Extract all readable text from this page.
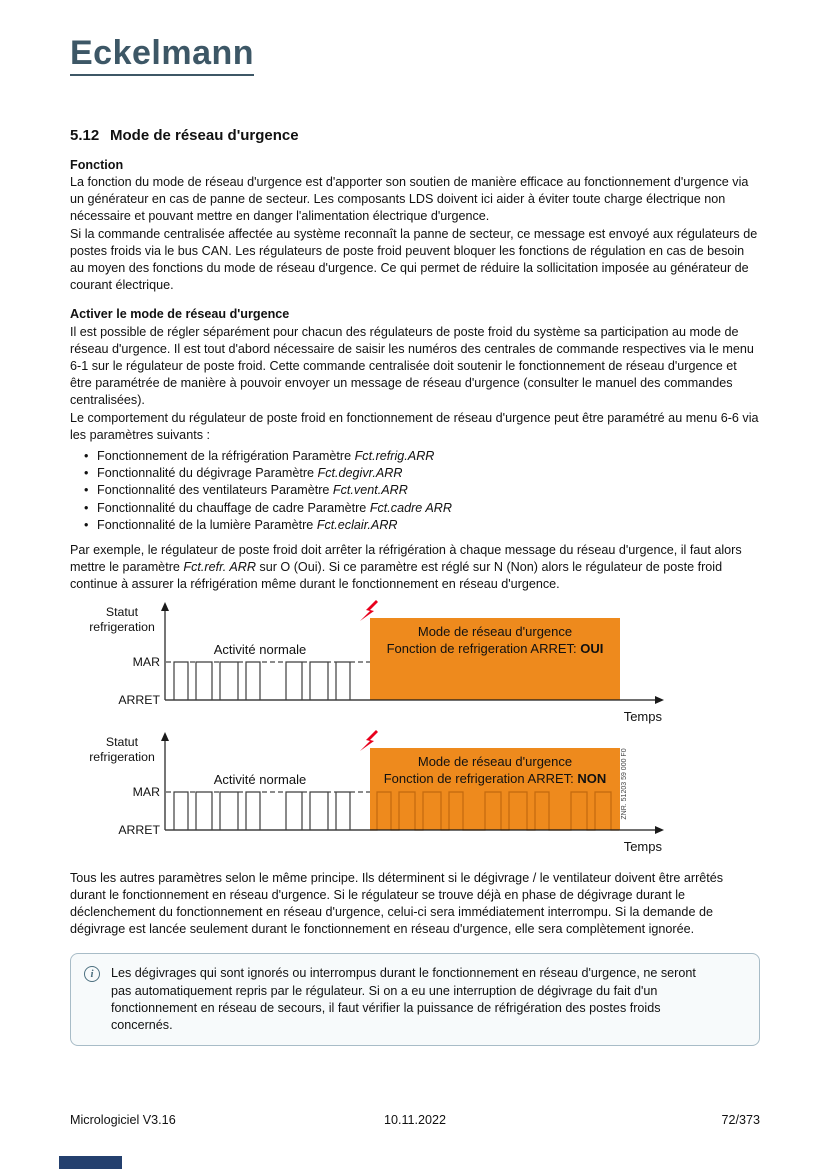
Eckelmann
5.12 Mode de réseau d'urgence
Fonction

La fonction du mode de réseau d'urgence est d'apporter son soutien de manière efficace au fonctionnement d'urgence via un générateur en cas de panne de secteur. Les composants LDS doivent ici aider à éviter toute charge électrique non nécessaire et pouvant mettre en danger l'alimentation électrique d'urgence.

Si la commande centralisée affectée au système reconnaît la panne de secteur, ce message est envoyé aux régulateurs de postes froids via le bus CAN. Les régulateurs de poste froid peuvent bloquer les fonctions de régulation en cas de besoin au moyen des fonctions du mode de réseau d'urgence. Ce qui permet de réduire la sollicitation imposée au générateur de courant électrique.

Activer le mode de réseau d'urgence

Il est possible de régler séparément pour chacun des régulateurs de poste froid du système sa participation au mode de réseau d'urgence. Il est tout d'abord nécessaire de saisir les numéros des centrales de commande respectives via le menu 6-1 sur le régulateur de poste froid. Cette commande centralisée doit soutenir le fonctionnement de réseau d'urgence et être paramétrée de manière à pouvoir envoyer un message de réseau d'urgence (consulter le manuel des commandes centralisées).

Le comportement du régulateur de poste froid en fonctionnement de réseau d'urgence peut être paramétré au menu 6-6 via les paramètres suivants :

• Fonctionnement de la réfrigération Paramètre Fct.refrig.ARR
• Fonctionnalité du dégivrage Paramètre Fct.degivr.ARR
• Fonctionnalité des ventilateurs Paramètre Fct.vent.ARR
• Fonctionnalité du chauffage de cadre Paramètre Fct.cadre ARR
• Fonctionnalité de la lumière Paramètre Fct.eclair.ARR

Par exemple, le régulateur de poste froid doit arrêter la réfrigération à chaque message du réseau d'urgence, il faut alors mettre le paramètre Fct.refr. ARR sur O (Oui). Si ce paramètre est réglé sur N (Non) alors le régulateur de poste froid continue à assurer la réfrigération même durant le fonctionnement en réseau d'urgence.

Statut
refrigeration
MAR
ARRET
Activité normale
Mode de réseau d'urgence
Fonction de refrigeration ARRET: OUI
Temps
Statut
refrigeration
MAR
ARRET
Activité normale
Mode de réseau d'urgence
Fonction de refrigeration ARRET: NON ZNR. 51203 59 000 F0
Temps

Tous les autres paramètres selon le même principe. Ils déterminent si le dégivrage / le ventilateur doivent être arrêtés durant le fonctionnement en réseau d'urgence. Si le régulateur se trouve déjà en phase de dégivrage durant le déclenchement du fonctionnement en réseau d'urgence, celui-ci sera immédiatement interrompu. Si la demande de dégivrage est lancée seulement durant le fonctionnement en réseau d'urgence, elle sera complètement ignorée.

i	Les dégivrages qui sont ignorés ou interrompus durant le fonctionnement en réseau d'urgence, ne seront pas automatiquement repris par le régulateur. Si on a eu une interruption de dégivrage du fait d'un fonctionnement en réseau de secours, il faut vérifier la puissance de réfrigération des postes froids concernés.
Micrologiciel V3.16	10.11.2022	72/373
